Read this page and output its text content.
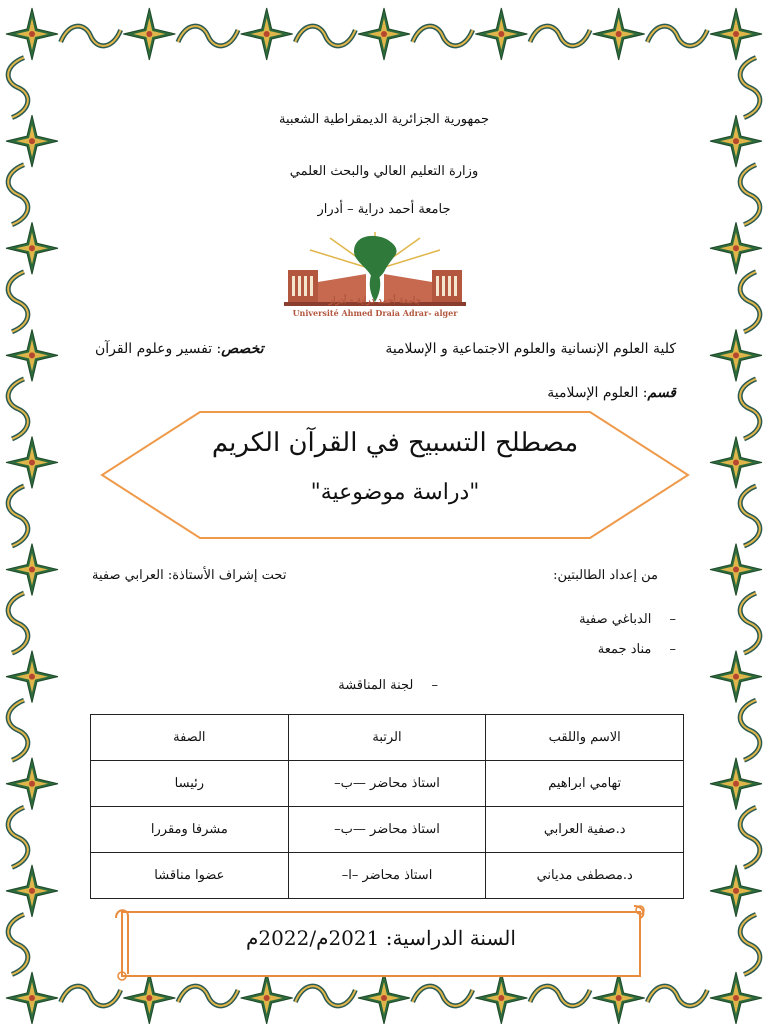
جمهورية الجزائرية الديمقراطية الشعبية
وزارة التعليم العالي والبحث العلمي
جامعة أحمد دراية – أدرار
جامعة أحمد دراية - أدرار
Université Ahmed Draia Adrar- alger
كلية العلوم الإنسانية والعلوم الاجتماعية و الإسلامية
تخصص: تفسير وعلوم القرآن
قسم: العلوم الإسلامية
مصطلح التسبيح في القرآن الكريم
"دراسة موضوعية"
من إعداد الطالبتين:
تحت إشراف الأستاذة: العرابي صفية
– الدباغي صفية
– مناد جمعة
– لجنة المناقشة
الاسم واللقب	الرتبة	الصفة
تهامي ابراهيم	استاذ محاضر —ب–	رئيسا
د.صفية العرابي	استاذ محاضر —ب–	مشرفا ومقررا
د.مصطفى مدياني	استاذ محاضر –ا–	عضوا مناقشا
السنة الدراسية: 2021م/2022م
